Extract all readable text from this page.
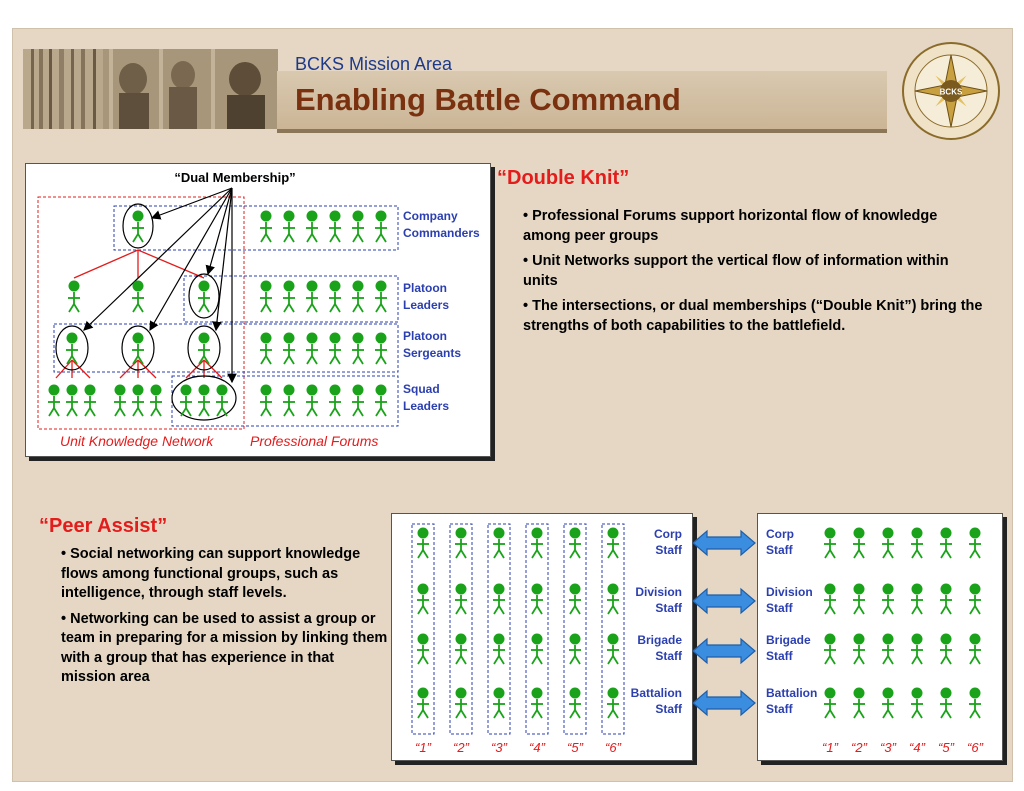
BCKS Mission Area
Enabling Battle Command	BCKS
“Dual Membership”
Company
Commanders
Platoon
Leaders
Platoon
Sergeants
Squad
Leaders
Unit Knowledge Network	Professional Forums
“Double Knit”

• Professional Forums support horizontal flow of knowledge among peer groups

• Unit Networks support the vertical flow of information within units

• The intersections, or dual memberships (“Double Knit”) bring the strengths of both capabilities to the battlefield.

“Peer Assist”

• Social networking can support knowledge flows among functional groups, such as intelligence, through staff levels.

• Networking can be used to assist a group or team in preparing for a mission by linking them with a group that has experience in that mission area

Corp
Staff
Division
Staff
Brigade
Staff
Battalion
Staff
“1” “2” “3” “4” “5” “6”
Corp
Staff
Division
Staff
Brigade
Staff
Battalion
Staff
“1” “2” “3” “4” “5” “6”
